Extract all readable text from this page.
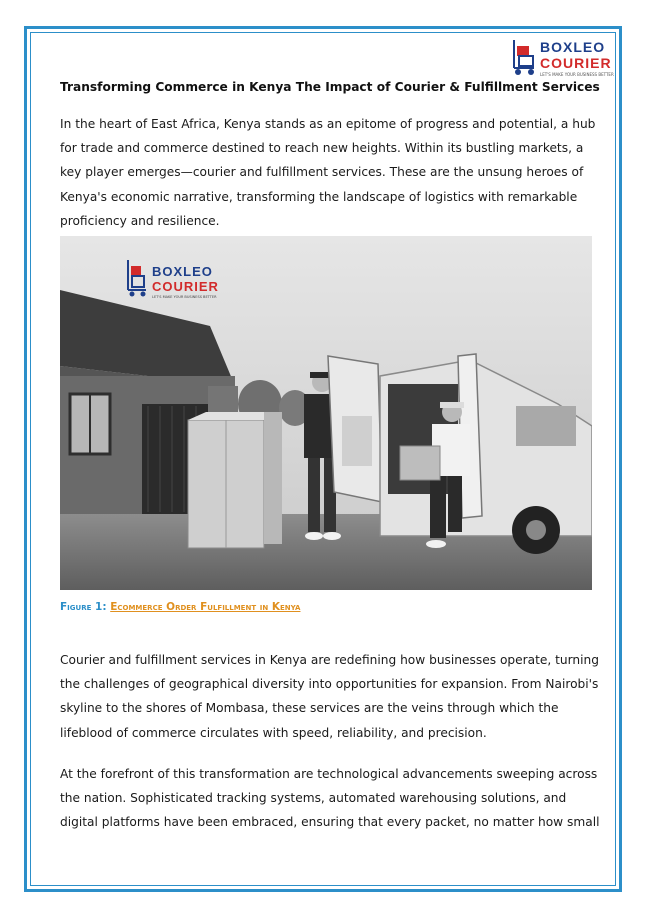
BOXLEO
COURIER
LET'S MAKE YOUR BUSINESS BETTER
Transforming Commerce in Kenya The Impact of Courier & Fulfillment Services
In the heart of East Africa, Kenya stands as an epitome of progress and potential, a hub for trade and commerce destined to reach new heights. Within its bustling markets, a key player emerges—courier and fulfillment services. These are the unsung heroes of Kenya's economic narrative, transforming the landscape of logistics with remarkable proficiency and resilience.
BOXLEO
COURIER
LET'S MAKE YOUR BUSINESS BETTER
Figure 1: Ecommerce Order Fulfillment in Kenya
Courier and fulfillment services in Kenya are redefining how businesses operate, turning the challenges of geographical diversity into opportunities for expansion. From Nairobi's skyline to the shores of Mombasa, these services are the veins through which the lifeblood of commerce circulates with speed, reliability, and precision.
At the forefront of this transformation are technological advancements sweeping across the nation. Sophisticated tracking systems, automated warehousing solutions, and digital platforms have been embraced, ensuring that every packet, no matter how small
